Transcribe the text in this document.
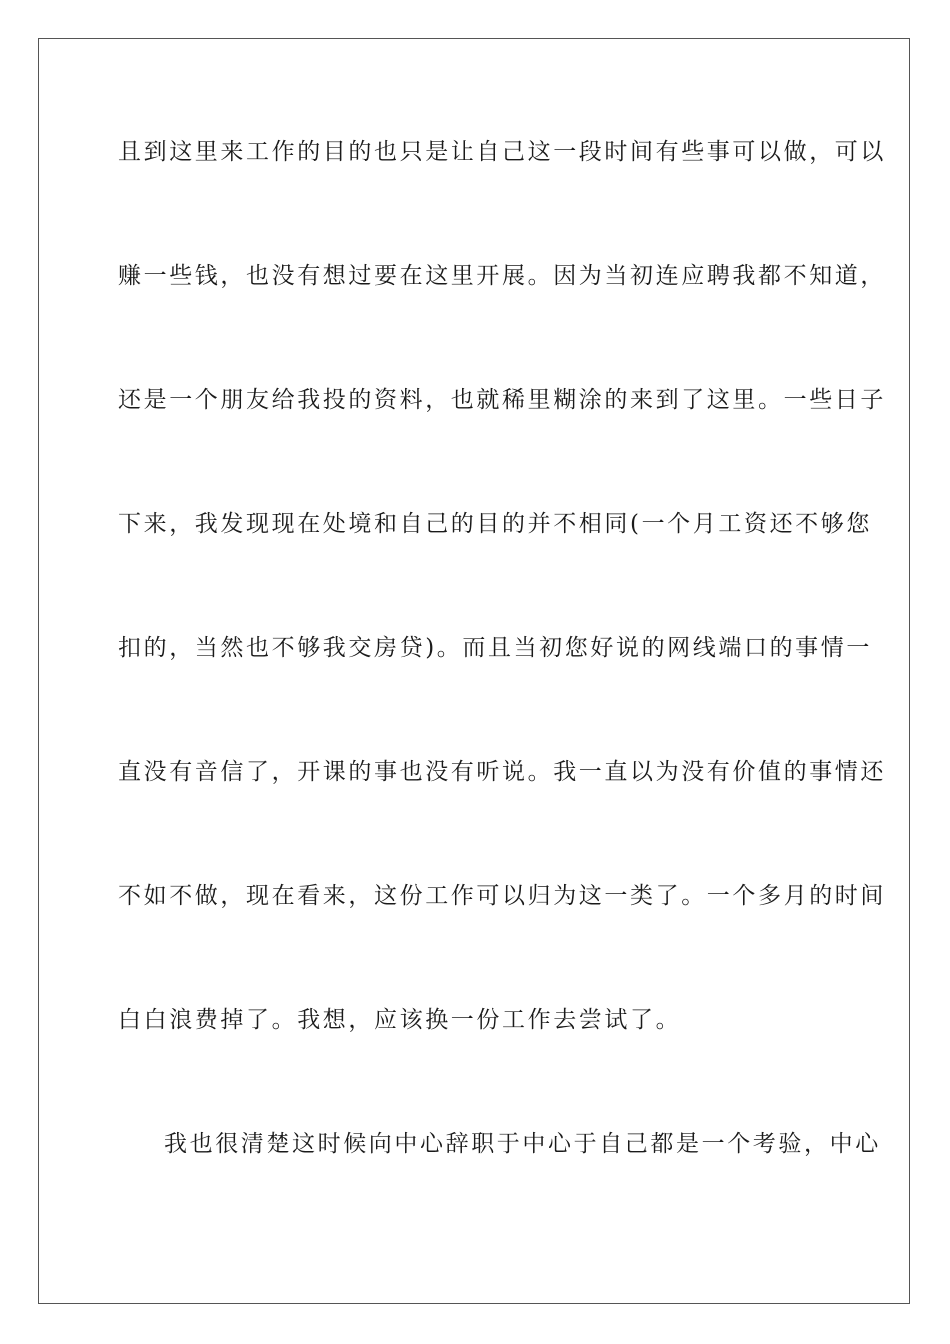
且到这里来工作的目的也只是让自己这一段时间有些事可以做，可以
赚一些钱，也没有想过要在这里开展。因为当初连应聘我都不知道，
还是一个朋友给我投的资料，也就稀里糊涂的来到了这里。一些日子
下来，我发现现在处境和自己的目的并不相同(一个月工资还不够您
扣的，当然也不够我交房贷)。而且当初您好说的网线端口的事情一
直没有音信了，开课的事也没有听说。我一直以为没有价值的事情还
不如不做，现在看来，这份工作可以归为这一类了。一个多月的时间
白白浪费掉了。我想，应该换一份工作去尝试了。
我也很清楚这时候向中心辞职于中心于自己都是一个考验，中心
